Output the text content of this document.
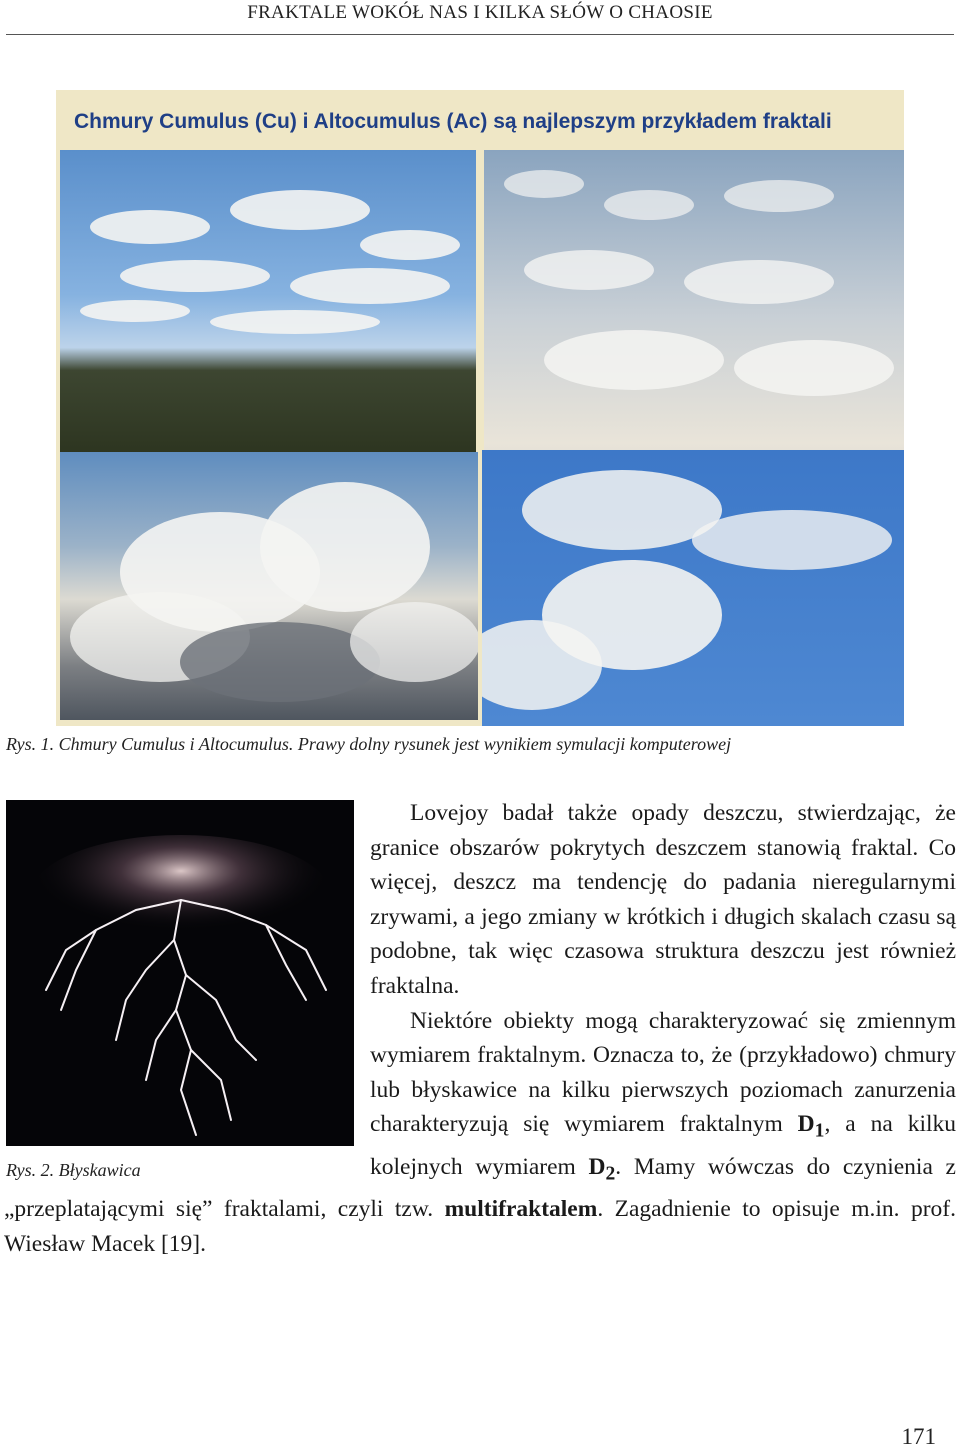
FRAKTALE WOKÓŁ NAS I KILKA SŁÓW O CHAOSIE
Chmury Cumulus (Cu) i Altocumulus (Ac) są najlepszym przykładem fraktali
Rys. 1. Chmury Cumulus i Altocumulus. Prawy dolny rysunek jest wynikiem symulacji komputerowej
Rys. 2. Błyskawica

Lovejoy badał także opady deszczu, stwierdzając, że granice obszarów pokrytych deszczem stanowią fraktal. Co więcej, deszcz ma tendencję do padania nieregularnymi zrywami, a jego zmiany w krótkich i długich skalach czasu są podobne, tak więc czasowa struktura deszczu jest również fraktalna.

Niektóre obiekty mogą charakteryzować się zmiennym wymiarem fraktalnym. Oznacza to, że (przykładowo) chmury lub błyskawice na kilku pierwszych poziomach zanurzenia charakteryzują się wymiarem fraktalnym $D_1$, a na kilku kolejnych wymiarem $D_2$. Mamy wówczas do czynienia z „przeplatającymi się” fraktalami, czyli tzw. multifraktalem. Zagadnienie to opisuje m.in. prof. Wiesław Macek [19].

171
